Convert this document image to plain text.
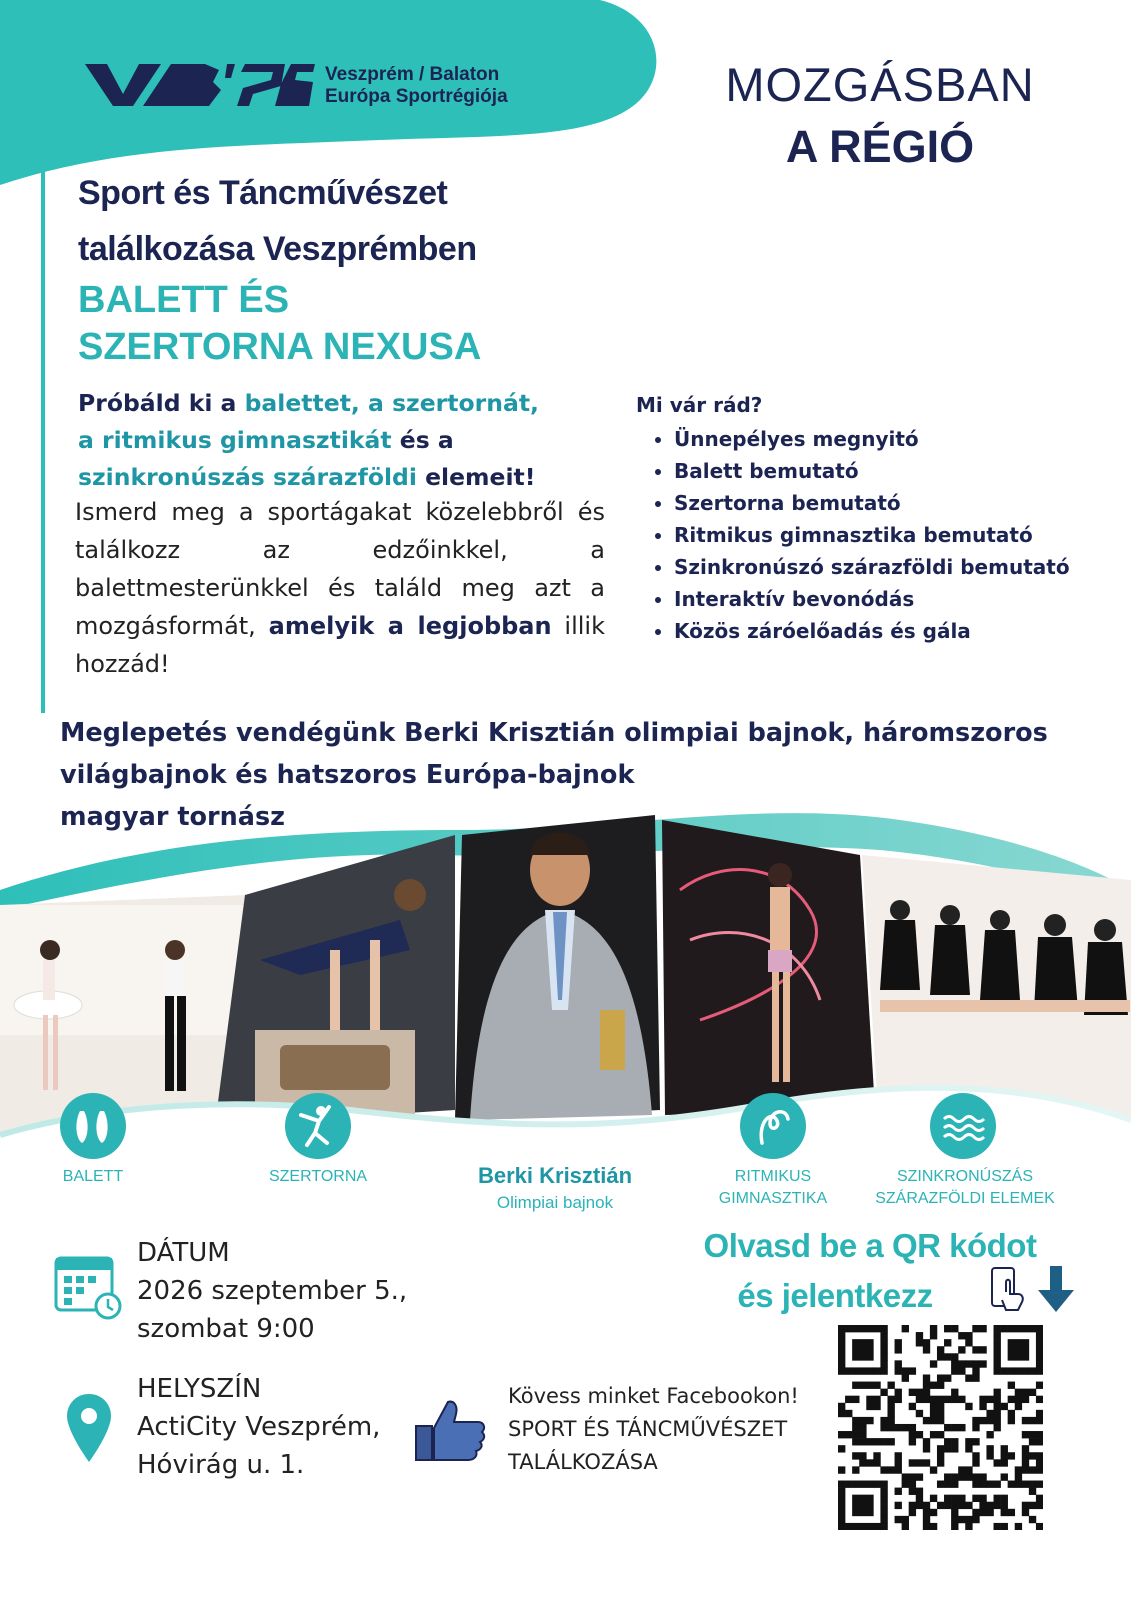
Veszprém / Balaton
Európa Sportrégiója	MOZGÁSBAN
A RÉGIÓ
Sport és Táncművészet
találkozása Veszprémben
BALETT ÉS
SZERTORNA NEXUSA
Próbáld ki a balettet, a szertornát,
a ritmikus gimnasztikát és a
szinkronúszás szárazföldi elemeit!
Ismerd meg a sportágakat közelebbről és találkozz az edzőinkkel, a balettmesterünkkel és találd meg azt a mozgásformát, amelyik a legjobban illik hozzád!
Mi vár rád?
• Ünnepélyes megnyitó
• Balett bemutató
• Szertorna bemutató
• Ritmikus gimnasztika bemutató
• Szinkronúszó szárazföldi bemutató
• Interaktív bevonódás
• Közös záróelőadás és gála
Meglepetés vendégünk Berki Krisztián olimpiai bajnok, háromszoros
világbajnok és hatszoros Európa-bajnok
magyar tornász
BALETT	SZERTORNA	Berki Krisztián
Olimpiai bajnok
RITMIKUS
GIMNASZTIKA
SZINKRONÚSZÁS
SZÁRAZFÖLDI ELEMEK
DÁTUM
2026 szeptember 5.,
szombat 9:00
HELYSZÍN
ActiCity Veszprém,
Hóvirág u. 1.
Kövess minket Facebookon!
SPORT ÉS TÁNCMŰVÉSZET
TALÁLKOZÁSA
Olvasd be a QR kódot
és jelentkezz
